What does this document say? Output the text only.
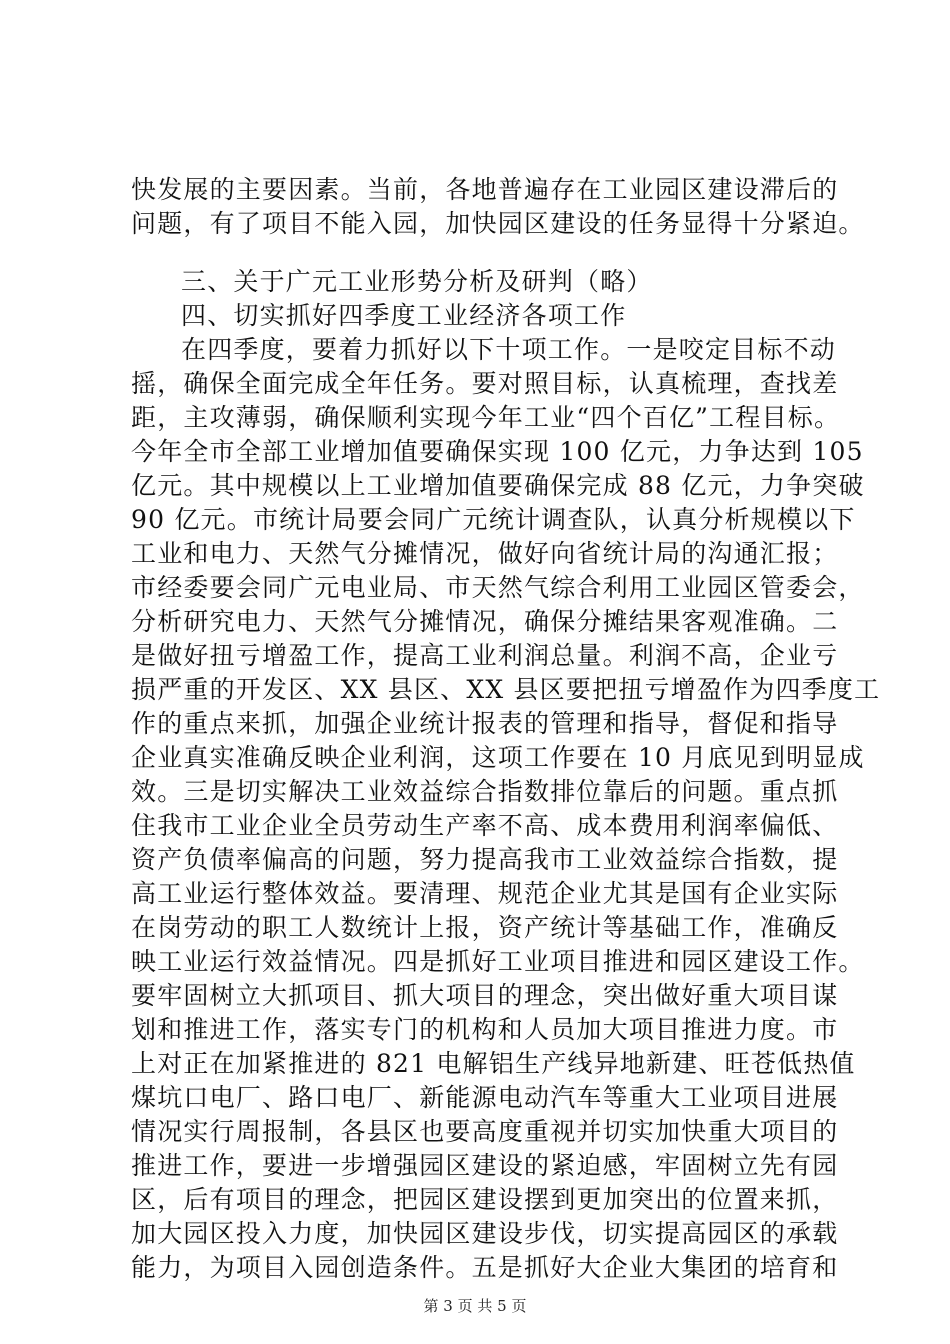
快发展的主要因素。当前，各地普遍存在工业园区建设滞后的
问题，有了项目不能入园，加快园区建设的任务显得十分紧迫。
三、关于广元工业形势分析及研判（略）
四、切实抓好四季度工业经济各项工作
在四季度，要着力抓好以下十项工作。一是咬定目标不动
摇，确保全面完成全年任务。要对照目标，认真梳理，查找差
距，主攻薄弱，确保顺利实现今年工业“四个百亿”工程目标。
今年全市全部工业增加值要确保实现 100 亿元，力争达到 105
亿元。其中规模以上工业增加值要确保完成 88 亿元，力争突破
90 亿元。市统计局要会同广元统计调查队，认真分析规模以下
工业和电力、天然气分摊情况，做好向省统计局的沟通汇报；
市经委要会同广元电业局、市天然气综合利用工业园区管委会，
分析研究电力、天然气分摊情况，确保分摊结果客观准确。二
是做好扭亏增盈工作，提高工业利润总量。利润不高，企业亏
损严重的开发区、XX 县区、XX 县区要把扭亏增盈作为四季度工
作的重点来抓，加强企业统计报表的管理和指导，督促和指导
企业真实准确反映企业利润，这项工作要在 10 月底见到明显成
效。三是切实解决工业效益综合指数排位靠后的问题。重点抓
住我市工业企业全员劳动生产率不高、成本费用利润率偏低、
资产负债率偏高的问题，努力提高我市工业效益综合指数，提
高工业运行整体效益。要清理、规范企业尤其是国有企业实际
在岗劳动的职工人数统计上报，资产统计等基础工作，准确反
映工业运行效益情况。四是抓好工业项目推进和园区建设工作。
要牢固树立大抓项目、抓大项目的理念，突出做好重大项目谋
划和推进工作，落实专门的机构和人员加大项目推进力度。市
上对正在加紧推进的 821 电解铝生产线异地新建、旺苍低热值
煤坑口电厂、路口电厂、新能源电动汽车等重大工业项目进展
情况实行周报制，各县区也要高度重视并切实加快重大项目的
推进工作，要进一步增强园区建设的紧迫感，牢固树立先有园
区，后有项目的理念，把园区建设摆到更加突出的位置来抓，
加大园区投入力度，加快园区建设步伐，切实提高园区的承载
能力，为项目入园创造条件。五是抓好大企业大集团的培育和
第 3 页 共 5 页
